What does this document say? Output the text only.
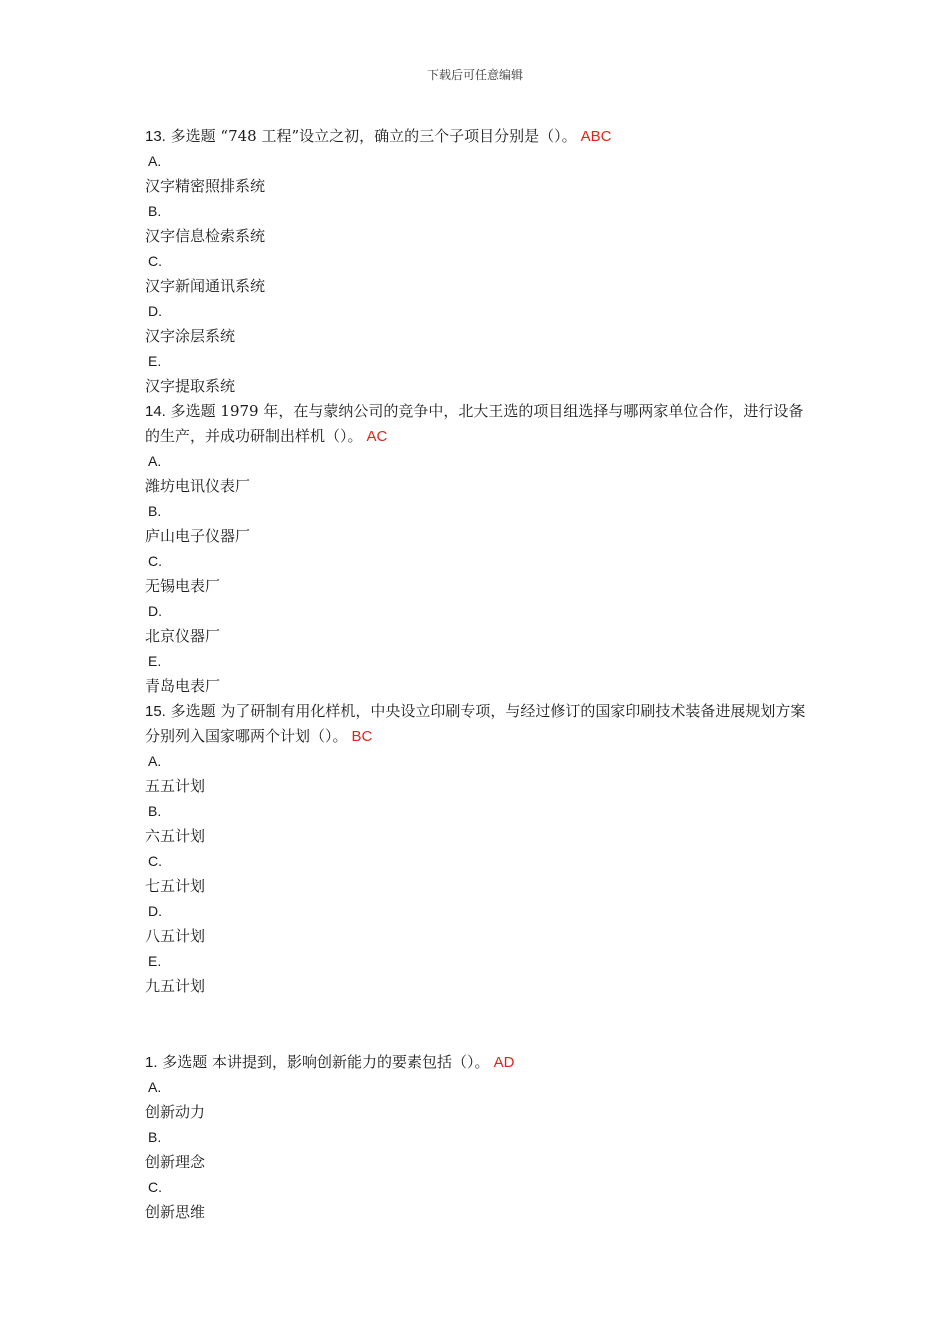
下载后可任意编辑
13. 多选题 “748 工程”设立之初，确立的三个子项目分别是（）。 ABC
A.
汉字精密照排系统
B.
汉字信息检索系统
C.
汉字新闻通讯系统
D.
汉字涂层系统
E.
汉字提取系统
14. 多选题 1979 年，在与蒙纳公司的竞争中，北大王选的项目组选择与哪两家单位合作，进行设备的生产，并成功研制出样机（）。 AC
A.
潍坊电讯仪表厂
B.
庐山电子仪器厂
C.
无锡电表厂
D.
北京仪器厂
E.
青岛电表厂
15. 多选题 为了研制有用化样机，中央设立印刷专项，与经过修订的国家印刷技术装备进展规划方案分别列入国家哪两个计划（）。 BC
A.
五五计划
B.
六五计划
C.
七五计划
D.
八五计划
E.
九五计划
1. 多选题 本讲提到，影响创新能力的要素包括（）。 AD
A.
创新动力
B.
创新理念
C.
创新思维
